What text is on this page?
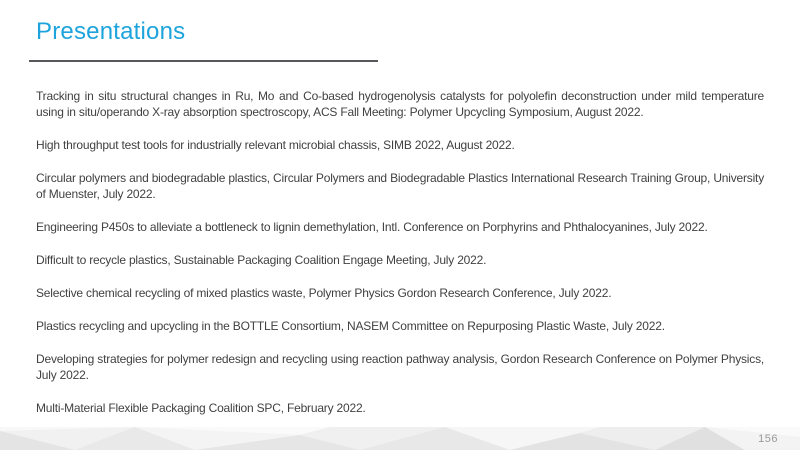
Presentations

Tracking in situ structural changes in Ru, Mo and Co-based hydrogenolysis catalysts for polyolefin deconstruction under mild temperature using in situ/operando X-ray absorption spectroscopy, ACS Fall Meeting: Polymer Upcycling Symposium, August 2022.

High throughput test tools for industrially relevant microbial chassis, SIMB 2022, August 2022.

Circular polymers and biodegradable plastics, Circular Polymers and Biodegradable Plastics International Research Training Group, University of Muenster, July 2022.

Engineering P450s to alleviate a bottleneck to lignin demethylation, Intl. Conference on Porphyrins and Phthalocyanines, July 2022.

Difficult to recycle plastics, Sustainable Packaging Coalition Engage Meeting, July 2022.

Selective chemical recycling of mixed plastics waste, Polymer Physics Gordon Research Conference, July 2022.

Plastics recycling and upcycling in the BOTTLE Consortium, NASEM Committee on Repurposing Plastic Waste, July 2022.

Developing strategies for polymer redesign and recycling using reaction pathway analysis, Gordon Research Conference on Polymer Physics, July 2022.

Multi-Material Flexible Packaging Coalition SPC, February 2022.

156
